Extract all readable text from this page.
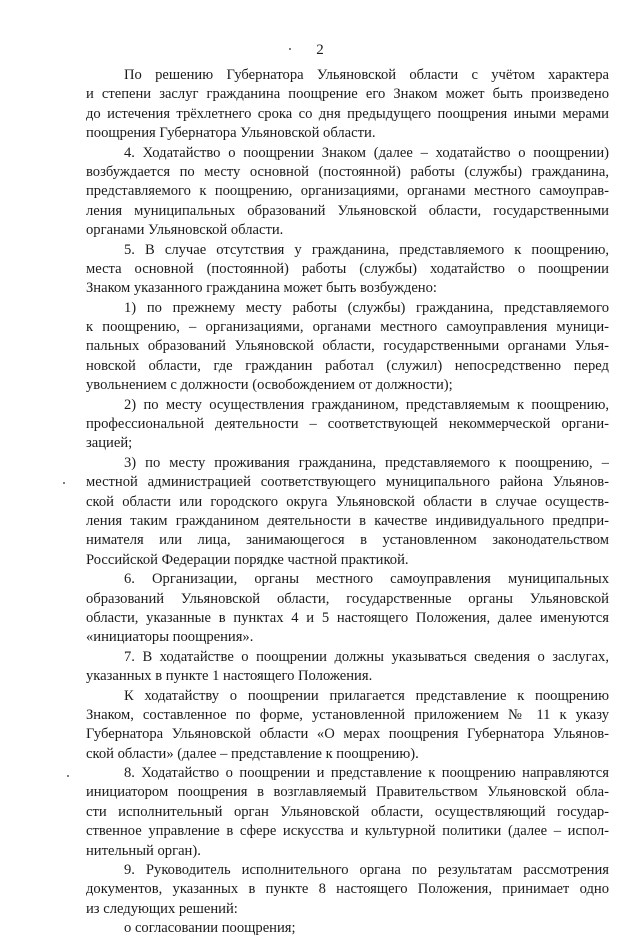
2
По решению Губернатора Ульяновской области с учётом характера
и степени заслуг гражданина поощрение его Знаком может быть произведено
до истечения трёхлетнего срока со дня предыдущего поощрения иными мерами
поощрения Губернатора Ульяновской области.
4. Ходатайство о поощрении Знаком (далее – ходатайство о поощрении)
возбуждается по месту основной (постоянной) работы (службы) гражданина,
представляемого к поощрению, организациями, органами местного самоуправ-
ления муниципальных образований Ульяновской области, государственными
органами Ульяновской области.
5. В случае отсутствия у гражданина, представляемого к поощрению,
места основной (постоянной) работы (службы) ходатайство о поощрении
Знаком указанного гражданина может быть возбуждено:
1) по прежнему месту работы (службы) гражданина, представляемого
к поощрению, – организациями, органами местного самоуправления муници-
пальных образований Ульяновской области, государственными органами Улья-
новской области, где гражданин работал (служил) непосредственно перед
увольнением с должности (освобождением от должности);
2) по месту осуществления гражданином, представляемым к поощрению,
профессиональной деятельности – соответствующей некоммерческой органи-
зацией;
3) по месту проживания гражданина, представляемого к поощрению, –
местной администрацией соответствующего муниципального района Ульянов-
ской области или городского округа Ульяновской области в случае осуществ-
ления таким гражданином деятельности в качестве индивидуального предпри-
нимателя или лица, занимающегося в установленном законодательством
Российской Федерации порядке частной практикой.
6. Организации, органы местного самоуправления муниципальных
образований Ульяновской области, государственные органы Ульяновской
области, указанные в пунктах 4 и 5 настоящего Положения, далее именуются
«инициаторы поощрения».
7. В ходатайстве о поощрении должны указываться сведения о заслугах,
указанных в пункте 1 настоящего Положения.
К ходатайству о поощрении прилагается представление к поощрению
Знаком, составленное по форме, установленной приложением № 11 к указу
Губернатора Ульяновской области «О мерах поощрения Губернатора Ульянов-
ской области» (далее – представление к поощрению).
8. Ходатайство о поощрении и представление к поощрению направляются
инициатором поощрения в возглавляемый Правительством Ульяновской обла-
сти исполнительный орган Ульяновской области, осуществляющий государ-
ственное управление в сфере искусства и культурной политики (далее – испол-
нительный орган).
9. Руководитель исполнительного органа по результатам рассмотрения
документов, указанных в пункте 8 настоящего Положения, принимает одно
из следующих решений:
о согласовании поощрения;
